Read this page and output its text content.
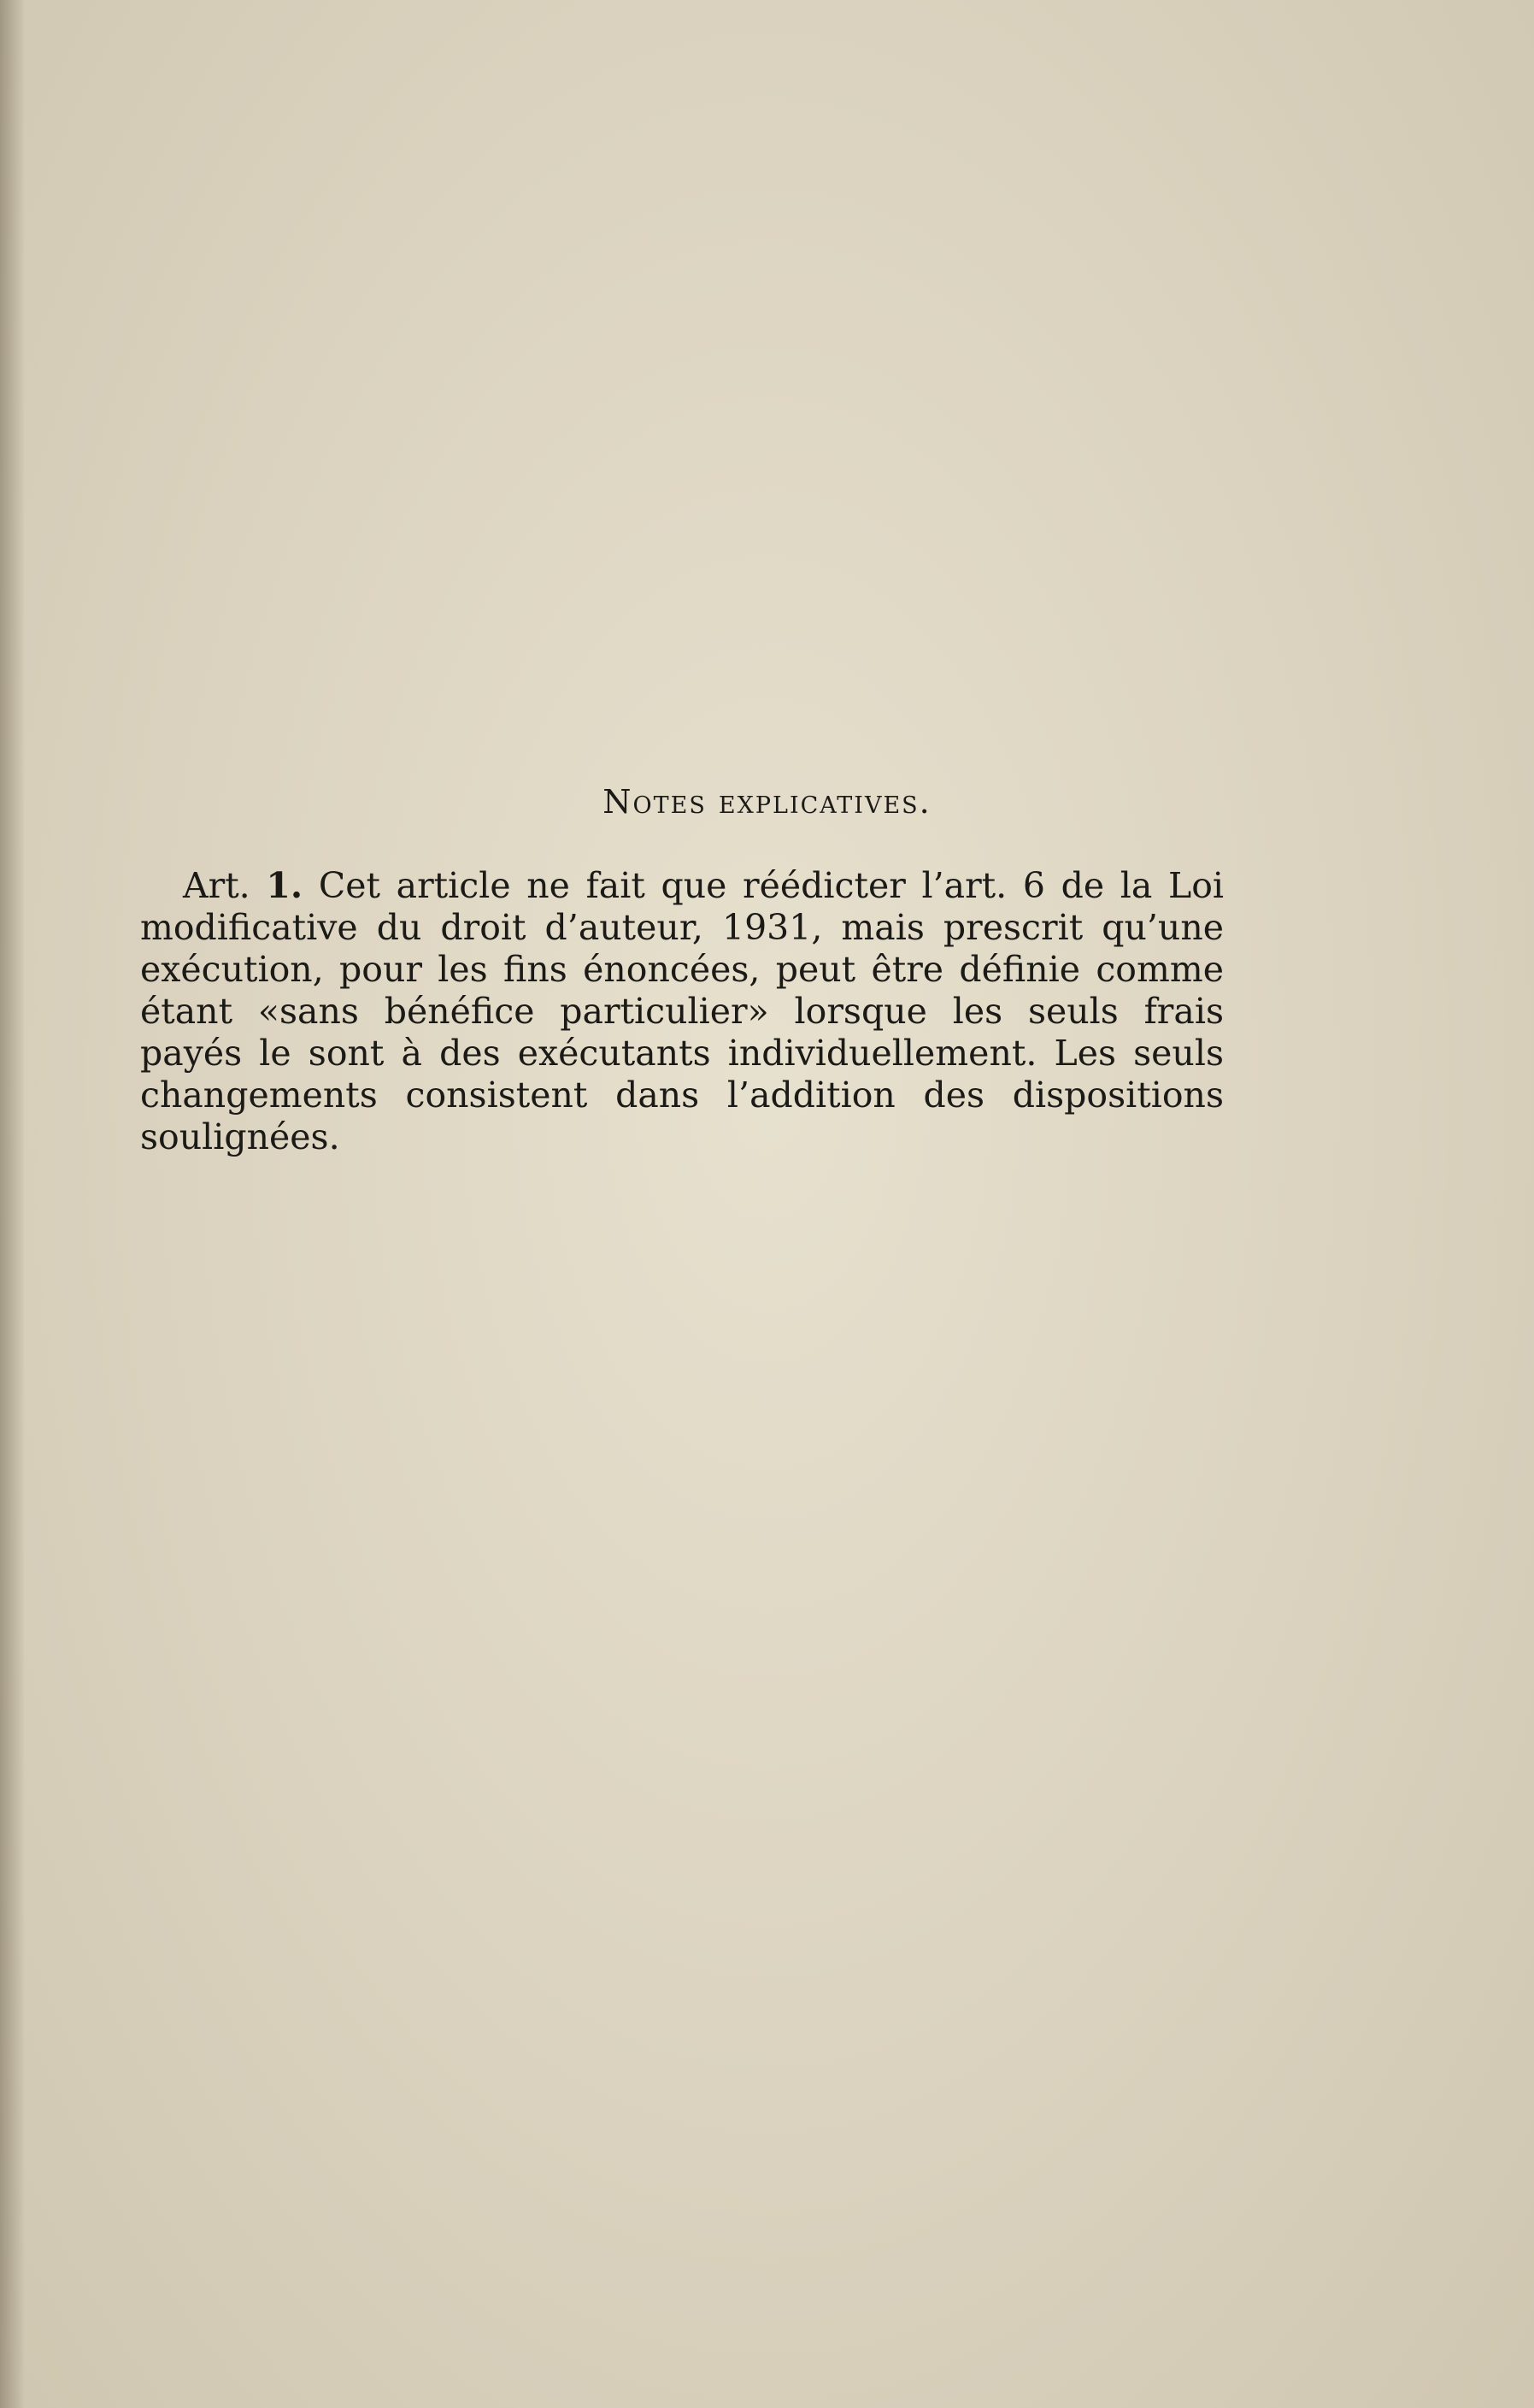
Notes explicatives.
Art. 1. Cet article ne fait que réédicter l’art. 6 de la Loi modificative du droit d’auteur, 1931, mais prescrit qu’une exécution, pour les fins énoncées, peut être définie comme étant «sans bénéfice particulier» lorsque les seuls frais payés le sont à des exécutants individuellement. Les seuls changements consistent dans l’addition des dispositions soulignées.
